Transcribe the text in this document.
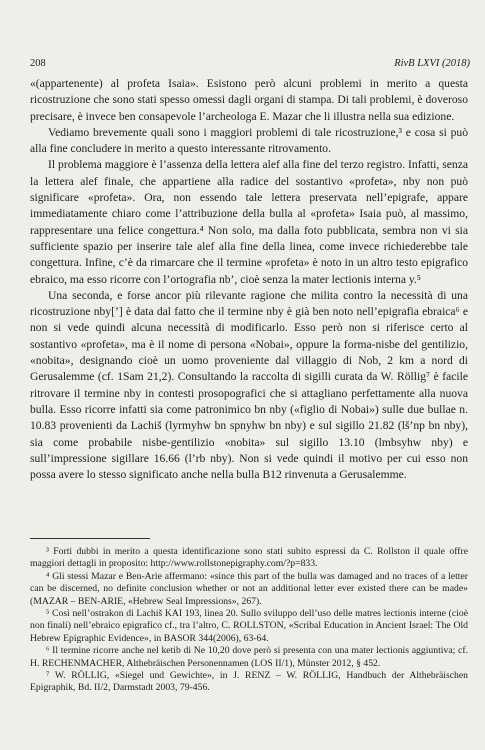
208	RivB LXVI (2018)

«(appartenente) al profeta Isaia». Esistono però alcuni problemi in merito a questa ricostruzione che sono stati spesso omessi dagli organi di stampa. Di tali problemi, è doveroso precisare, è invece ben consapevole l’archeologa E. Mazar che li illustra nella sua edizione.

Vediamo brevemente quali sono i maggiori problemi di tale ricostruzione,³ e cosa si può alla fine concludere in merito a questo interessante ritrovamento.

Il problema maggiore è l’assenza della lettera alef alla fine del terzo registro. Infatti, senza la lettera alef finale, che appartiene alla radice del sostantivo «profeta», nby non può significare «profeta». Ora, non essendo tale lettera preservata nell’epigrafe, appare immediatamente chiaro come l’attribuzione della bulla al «profeta» Isaia può, al massimo, rappresentare una felice congettura.⁴ Non solo, ma dalla foto pubblicata, sembra non vi sia sufficiente spazio per inserire tale alef alla fine della linea, come invece richiederebbe tale congettura. Infine, c’è da rimarcare che il termine «profeta» è noto in un altro testo epigrafico ebraico, ma esso ricorre con l’ortografia nb’, cioè senza la mater lectionis interna y.⁵

Una seconda, e forse ancor più rilevante ragione che milita contro la necessità di una ricostruzione nby[’] è data dal fatto che il termine nby è già ben noto nell’epigrafia ebraica⁶ e non si vede quindi alcuna necessità di modificarlo. Esso però non si riferisce certo al sostantivo «profeta», ma è il nome di persona «Nobai», oppure la forma-nisbe del gentilizio, «nobita», designando cioè un uomo proveniente dal villaggio di Nob, 2 km a nord di Gerusalemme (cf. 1Sam 21,2). Consultando la raccolta di sigilli curata da W. Röllig⁷ è facile ritrovare il termine nby in contesti prosopografici che si attagliano perfettamente alla nuova bulla. Esso ricorre infatti sia come patronimico bn nby («figlio di Nobai») sulle due bullae n. 10.83 provenienti da Lachiš (lyrmyhw bn spnyhw bn nby) e sul sigillo 21.82 (lš’np bn nby), sia come probabile nisbe-gentilizio «nobita» sul sigillo 13.10 (lmbsyhw nby) e sull’impressione sigillare 16.66 (l’rb nby). Non si vede quindi il motivo per cui esso non possa avere lo stesso significato anche nella bulla B12 rinvenuta a Gerusalemme.

³ Forti dubbi in merito a questa identificazione sono stati subito espressi da C. Rollston il quale offre maggiori dettagli in proposito: http://www.rollstonepigraphy.com/?p=833.

⁴ Gli stessi Mazar e Ben-Arie affermano: «since this part of the bulla was damaged and no traces of a letter can be discerned, no definite conclusion whether or not an additional letter ever existed there can be made» (MAZAR – BEN-ARIE, «Hebrew Seal Impressions», 267).

⁵ Così nell’ostrakon di Lachiš KAI 193, linea 20. Sullo sviluppo dell’uso delle matres lectionis interne (cioè non finali) nell’ebraico epigrafico cf., tra l’altro, C. ROLLSTON, «Scribal Education in Ancient Israel: The Old Hebrew Epigraphic Evidence», in BASOR 344(2006), 63-64.

⁶ Il termine ricorre anche nel ketib di Ne 10,20 dove però si presenta con una mater lectionis aggiuntiva; cf. H. RECHENMACHER, Althebräischen Personennamen (LOS II/1), Münster 2012, § 452.

⁷ W. RÖLLIG, «Siegel und Gewichte», in J. RENZ – W. RÖLLIG, Handbuch der Althebräischen Epigraphik, Bd. II/2, Darmstadt 2003, 79-456.
